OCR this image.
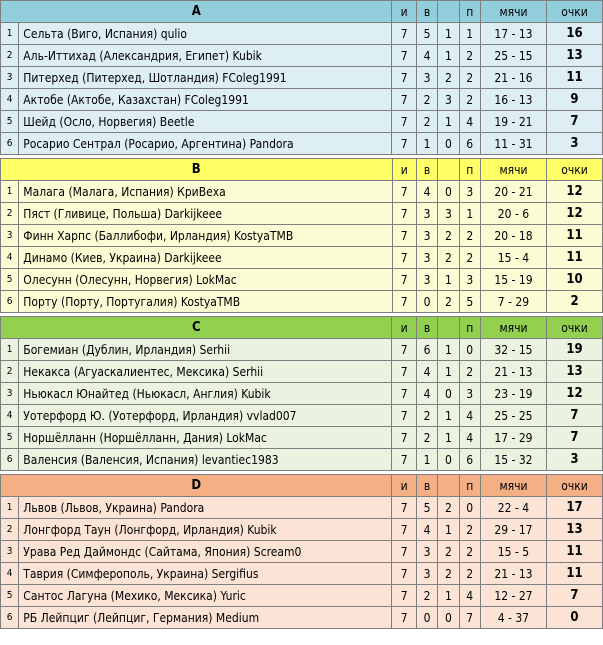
A		и	в		п	мячи	очки
1	Сельта (Виго, Испания) qulio	7	5	1	1	17 - 13	16
2	Аль-Иттихад (Александрия, Египет) Kubik	7	4	1	2	25 - 15	13
3	Питерхед (Питерхед, Шотландия) FColeg1991	7	3	2	2	21 - 16	11
4	Актобе (Актобе, Казахстан) FColeg1991	7	2	3	2	16 - 13	9
5	Шейд (Осло, Норвегия) Beetle	7	2	1	4	19 - 21	7
6	Росарио Сентрал (Росарио, Аргентина) Pandora	7	1	0	6	11 - 31	3
B		и	в		п	мячи	очки
1	Малага (Малага, Испания) КриВеха	7	4	0	3	20 - 21	12
2	Пяст (Гливице, Польша) Darkijkeee	7	3	3	1	20 - 6	12
3	Финн Харпс (Баллибофи, Ирландия) KostyaTMB	7	3	2	2	20 - 18	11
4	Динамо (Киев, Украина) Darkijkeee	7	3	2	2	15 - 4	11
5	Олесунн (Олесунн, Норвегия) LokMac	7	3	1	3	15 - 19	10
6	Порту (Порту, Португалия) KostyaTMB	7	0	2	5	7 - 29	2
C		и	в		п	мячи	очки
1	Богемиан (Дублин, Ирландия) Serhii	7	6	1	0	32 - 15	19
2	Некакса (Агуаскалиентес, Мексика) Serhii	7	4	1	2	21 - 13	13
3	Ньюкасл Юнайтед (Ньюкасл, Англия) Kubik	7	4	0	3	23 - 19	12
4	Уотерфорд Ю. (Уотерфорд, Ирландия) vvlad007	7	2	1	4	25 - 25	7
5	Норшёлланн (Норшёлланн, Дания) LokMac	7	2	1	4	17 - 29	7
6	Валенсия (Валенсия, Испания) levantiec1983	7	1	0	6	15 - 32	3
D		и	в		п	мячи	очки
1	Львов (Львов, Украина) Pandora	7	5	2	0	22 - 4	17
2	Лонгфорд Таун (Лонгфорд, Ирландия) Kubik	7	4	1	2	29 - 17	13
3	Урава Ред Даймондс (Сайтама, Япония) Scream0	7	3	2	2	15 - 5	11
4	Таврия (Симферополь, Украина) Sergifius	7	3	2	2	21 - 13	11
5	Сантос Лагуна (Мехико, Мексика) Yuric	7	2	1	4	12 - 27	7
6	РБ Лейпциг (Лейпциг, Германия) Medium	7	0	0	7	4 - 37	0
